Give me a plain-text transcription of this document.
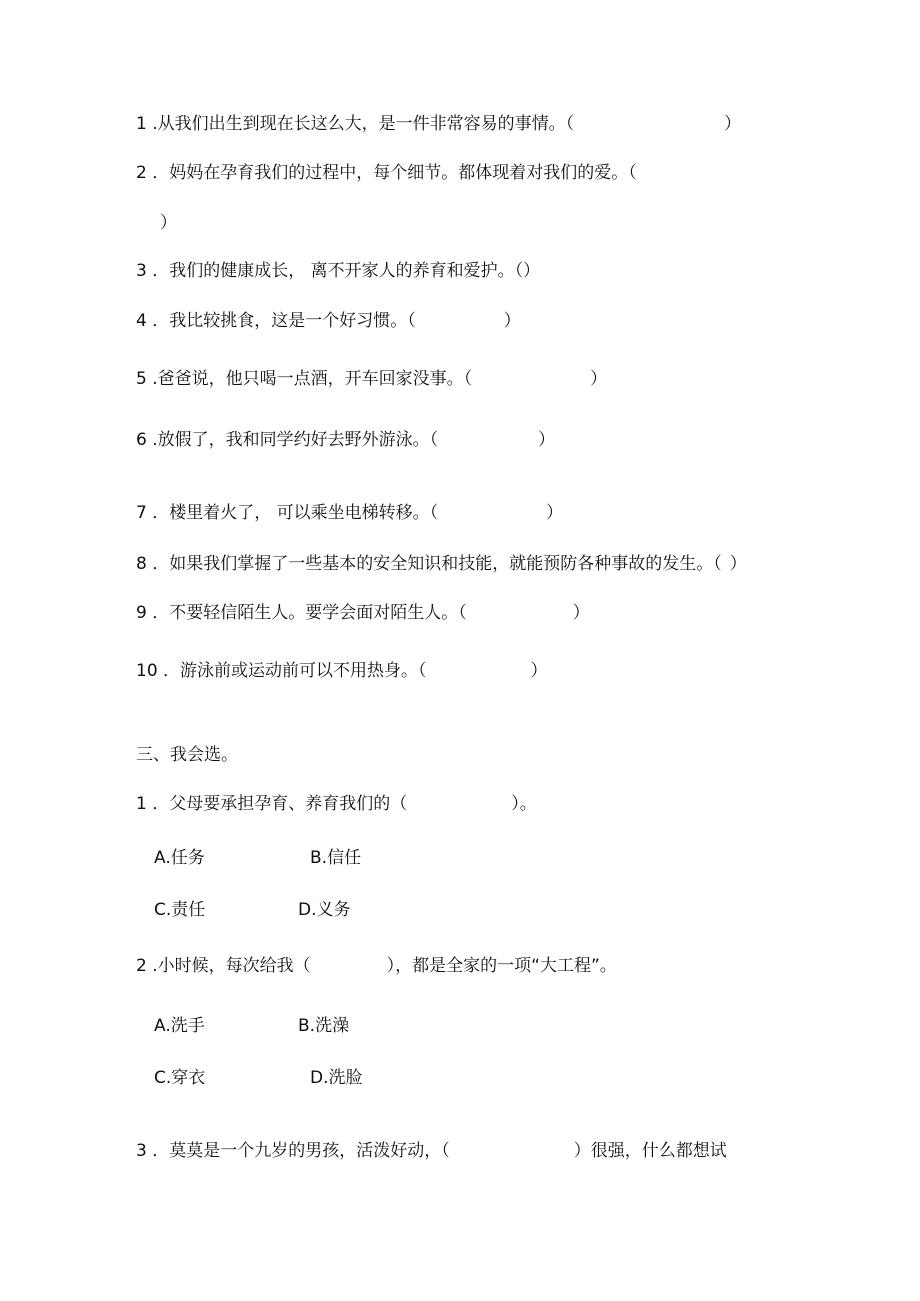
1 .从我们出生到现在长这么大，是一件非常容易的事情。（	）
2 ．妈妈在孕育我们的过程中，每个细节。都体现着对我们的爱。（
）
3 ．我们的健康成长， 离不开家人的养育和爱护。（）
4 ．我比较挑食，这是一个好习惯。（	）
5 .爸爸说，他只喝一点酒，开车回家没事。（	）
6 .放假了，我和同学约好去野外游泳。（	）
7 ．楼里着火了， 可以乘坐电梯转移。（	）
8 ．如果我们掌握了一些基本的安全知识和技能，就能预防各种事故的发生。（ ）
9 ．不要轻信陌生人。要学会面对陌生人。（	）
10 ．游泳前或运动前可以不用热身。（	）
三、我会选。
1 ．父母要承担孕育、养育我们的（	）。
A.任务	B.信任
C.责任	D.义务
2 .小时候，每次给我（	），都是全家的一项“大工程”。
A.洗手	B.洗澡
C.穿衣	D.洗脸
3 ．莫莫是一个九岁的男孩，活泼好动，（	）很强，什么都想试
